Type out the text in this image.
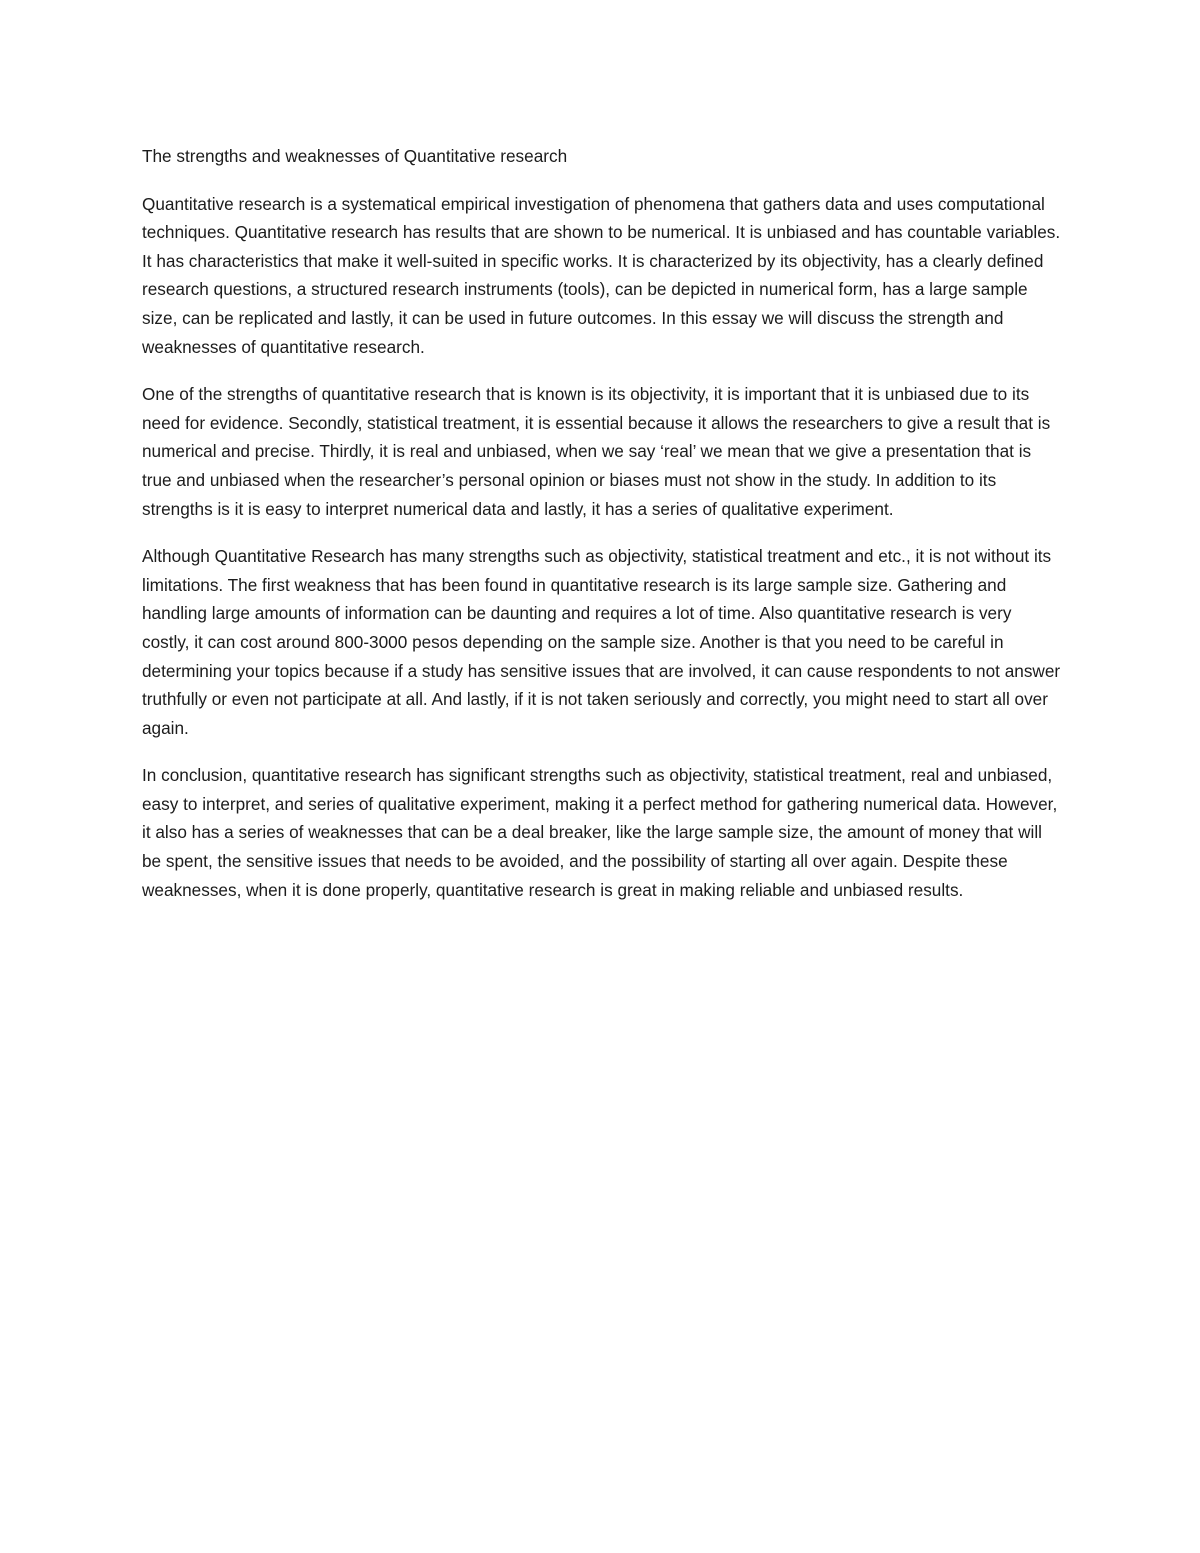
The strengths and weaknesses of Quantitative research

Quantitative research is a systematical empirical investigation of phenomena that gathers data and uses computational techniques. Quantitative research has results that are shown to be numerical. It is unbiased and has countable variables. It has characteristics that make it well-suited in specific works. It is characterized by its objectivity, has a clearly defined research questions, a structured research instruments (tools), can be depicted in numerical form, has a large sample size, can be replicated and lastly, it can be used in future outcomes. In this essay we will discuss the strength and weaknesses of quantitative research.

One of the strengths of quantitative research that is known is its objectivity, it is important that it is unbiased due to its need for evidence. Secondly, statistical treatment, it is essential because it allows the researchers to give a result that is numerical and precise. Thirdly, it is real and unbiased, when we say ‘real’ we mean that we give a presentation that is true and unbiased when the researcher’s personal opinion or biases must not show in the study. In addition to its strengths is it is easy to interpret numerical data and lastly, it has a series of qualitative experiment.

Although Quantitative Research has many strengths such as objectivity, statistical treatment and etc., it is not without its limitations. The first weakness that has been found in quantitative research is its large sample size. Gathering and handling large amounts of information can be daunting and requires a lot of time. Also quantitative research is very costly, it can cost around 800-3000 pesos depending on the sample size. Another is that you need to be careful in determining your topics because if a study has sensitive issues that are involved, it can cause respondents to not answer truthfully or even not participate at all. And lastly, if it is not taken seriously and correctly, you might need to start all over again.

In conclusion, quantitative research has significant strengths such as objectivity, statistical treatment, real and unbiased, easy to interpret, and series of qualitative experiment, making it a perfect method for gathering numerical data. However, it also has a series of weaknesses that can be a deal breaker, like the large sample size, the amount of money that will be spent, the sensitive issues that needs to be avoided, and the possibility of starting all over again. Despite these weaknesses, when it is done properly, quantitative research is great in making reliable and unbiased results.
